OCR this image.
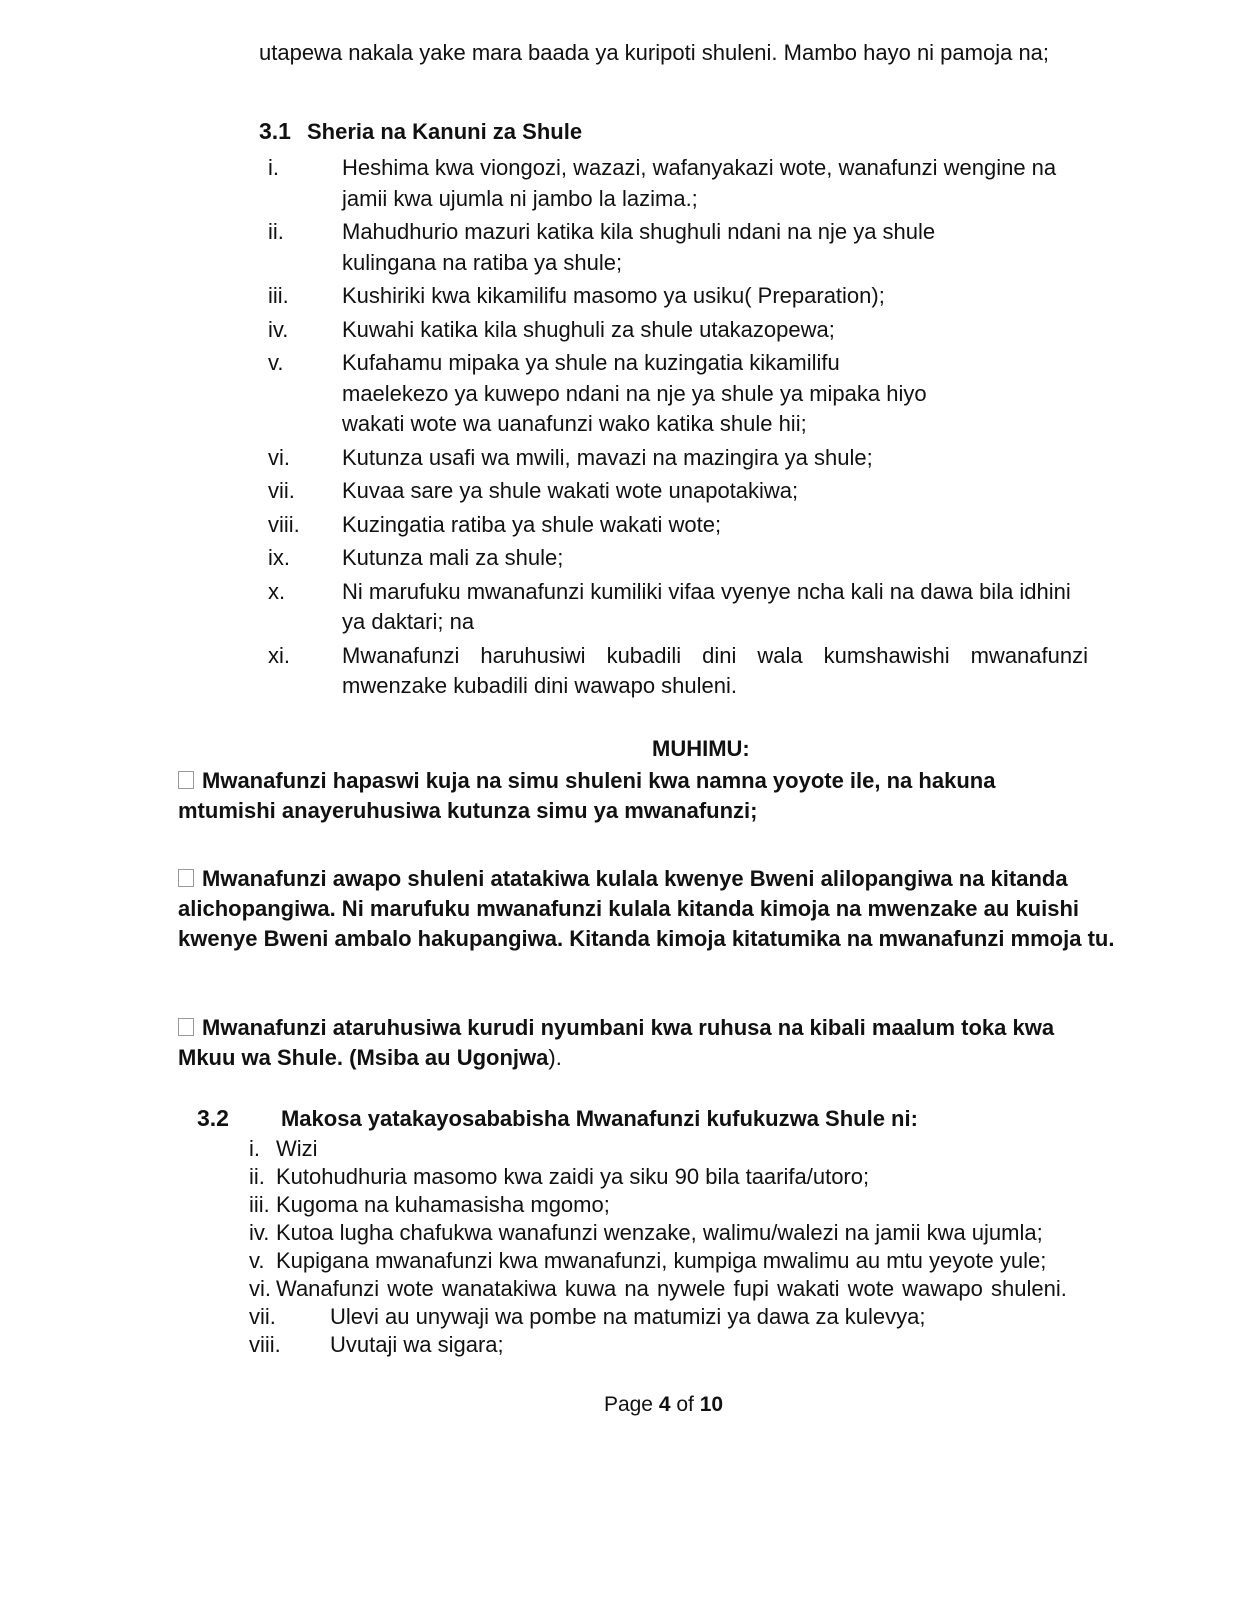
utapewa nakala yake mara baada ya kuripoti shuleni. Mambo hayo ni pamoja na;
3.1 Sheria na Kanuni za Shule
i.	Heshima kwa viongozi, wazazi, wafanyakazi wote, wanafunzi wengine na jamii kwa ujumla ni jambo la lazima.;
ii.	Mahudhurio mazuri katika kila shughuli ndani na nje ya shule kulingana na ratiba ya shule;
iii. Kushiriki kwa kikamilifu masomo ya usiku( Preparation);
iv. Kuwahi katika kila shughuli za shule utakazopewa;
v.	Kufahamu mipaka ya shule na kuzingatia kikamilifu maelekezo ya kuwepo ndani na nje ya shule ya mipaka hiyo wakati wote wa uanafunzi wako katika shule hii;
vi. Kutunza usafi wa mwili, mavazi na mazingira ya shule;
vii. Kuvaa sare ya shule wakati wote unapotakiwa;
viii. Kuzingatia ratiba ya shule wakati wote;
ix. Kutunza mali za shule;
x.	Ni marufuku mwanafunzi kumiliki vifaa vyenye ncha kali na dawa bila idhini ya daktari; na
xi. Mwanafunzi haruhusiwi kubadili dini wala kumshawishi mwanafunzi mwenzake kubadili dini wawapo shuleni.
MUHIMU:
Mwanafunzi hapaswi kuja na simu shuleni kwa namna yoyote ile, na hakuna mtumishi anayeruhusiwa kutunza simu ya mwanafunzi;
Mwanafunzi awapo shuleni atatakiwa kulala kwenye Bweni alilopangiwa na kitanda alichopangiwa. Ni marufuku mwanafunzi kulala kitanda kimoja na mwenzake au kuishi kwenye Bweni ambalo hakupangiwa. Kitanda kimoja kitatumika na mwanafunzi mmoja tu.
Mwanafunzi ataruhusiwa kurudi nyumbani kwa ruhusa na kibali maalum toka kwa Mkuu wa Shule. (Msiba au Ugonjwa).
3.2 Makosa yatakayosababisha Mwanafunzi kufukuzwa Shule ni:
i. Wizi
ii. Kutohudhuria masomo kwa zaidi ya siku 90 bila taarifa/utoro;
iii. Kugoma na kuhamasisha mgomo;
iv. Kutoa lugha chafukwa wanafunzi wenzake, walimu/walezi na jamii kwa ujumla;
v. Kupigana mwanafunzi kwa mwanafunzi, kumpiga mwalimu au mtu yeyote yule;
vi. Wanafunzi wote wanatakiwa kuwa na nywele fupi wakati wote wawapo shuleni.
vii.	Ulevi au unywaji wa pombe na matumizi ya dawa za kulevya;
viii.	Uvutaji wa sigara;
Page 4 of 10
